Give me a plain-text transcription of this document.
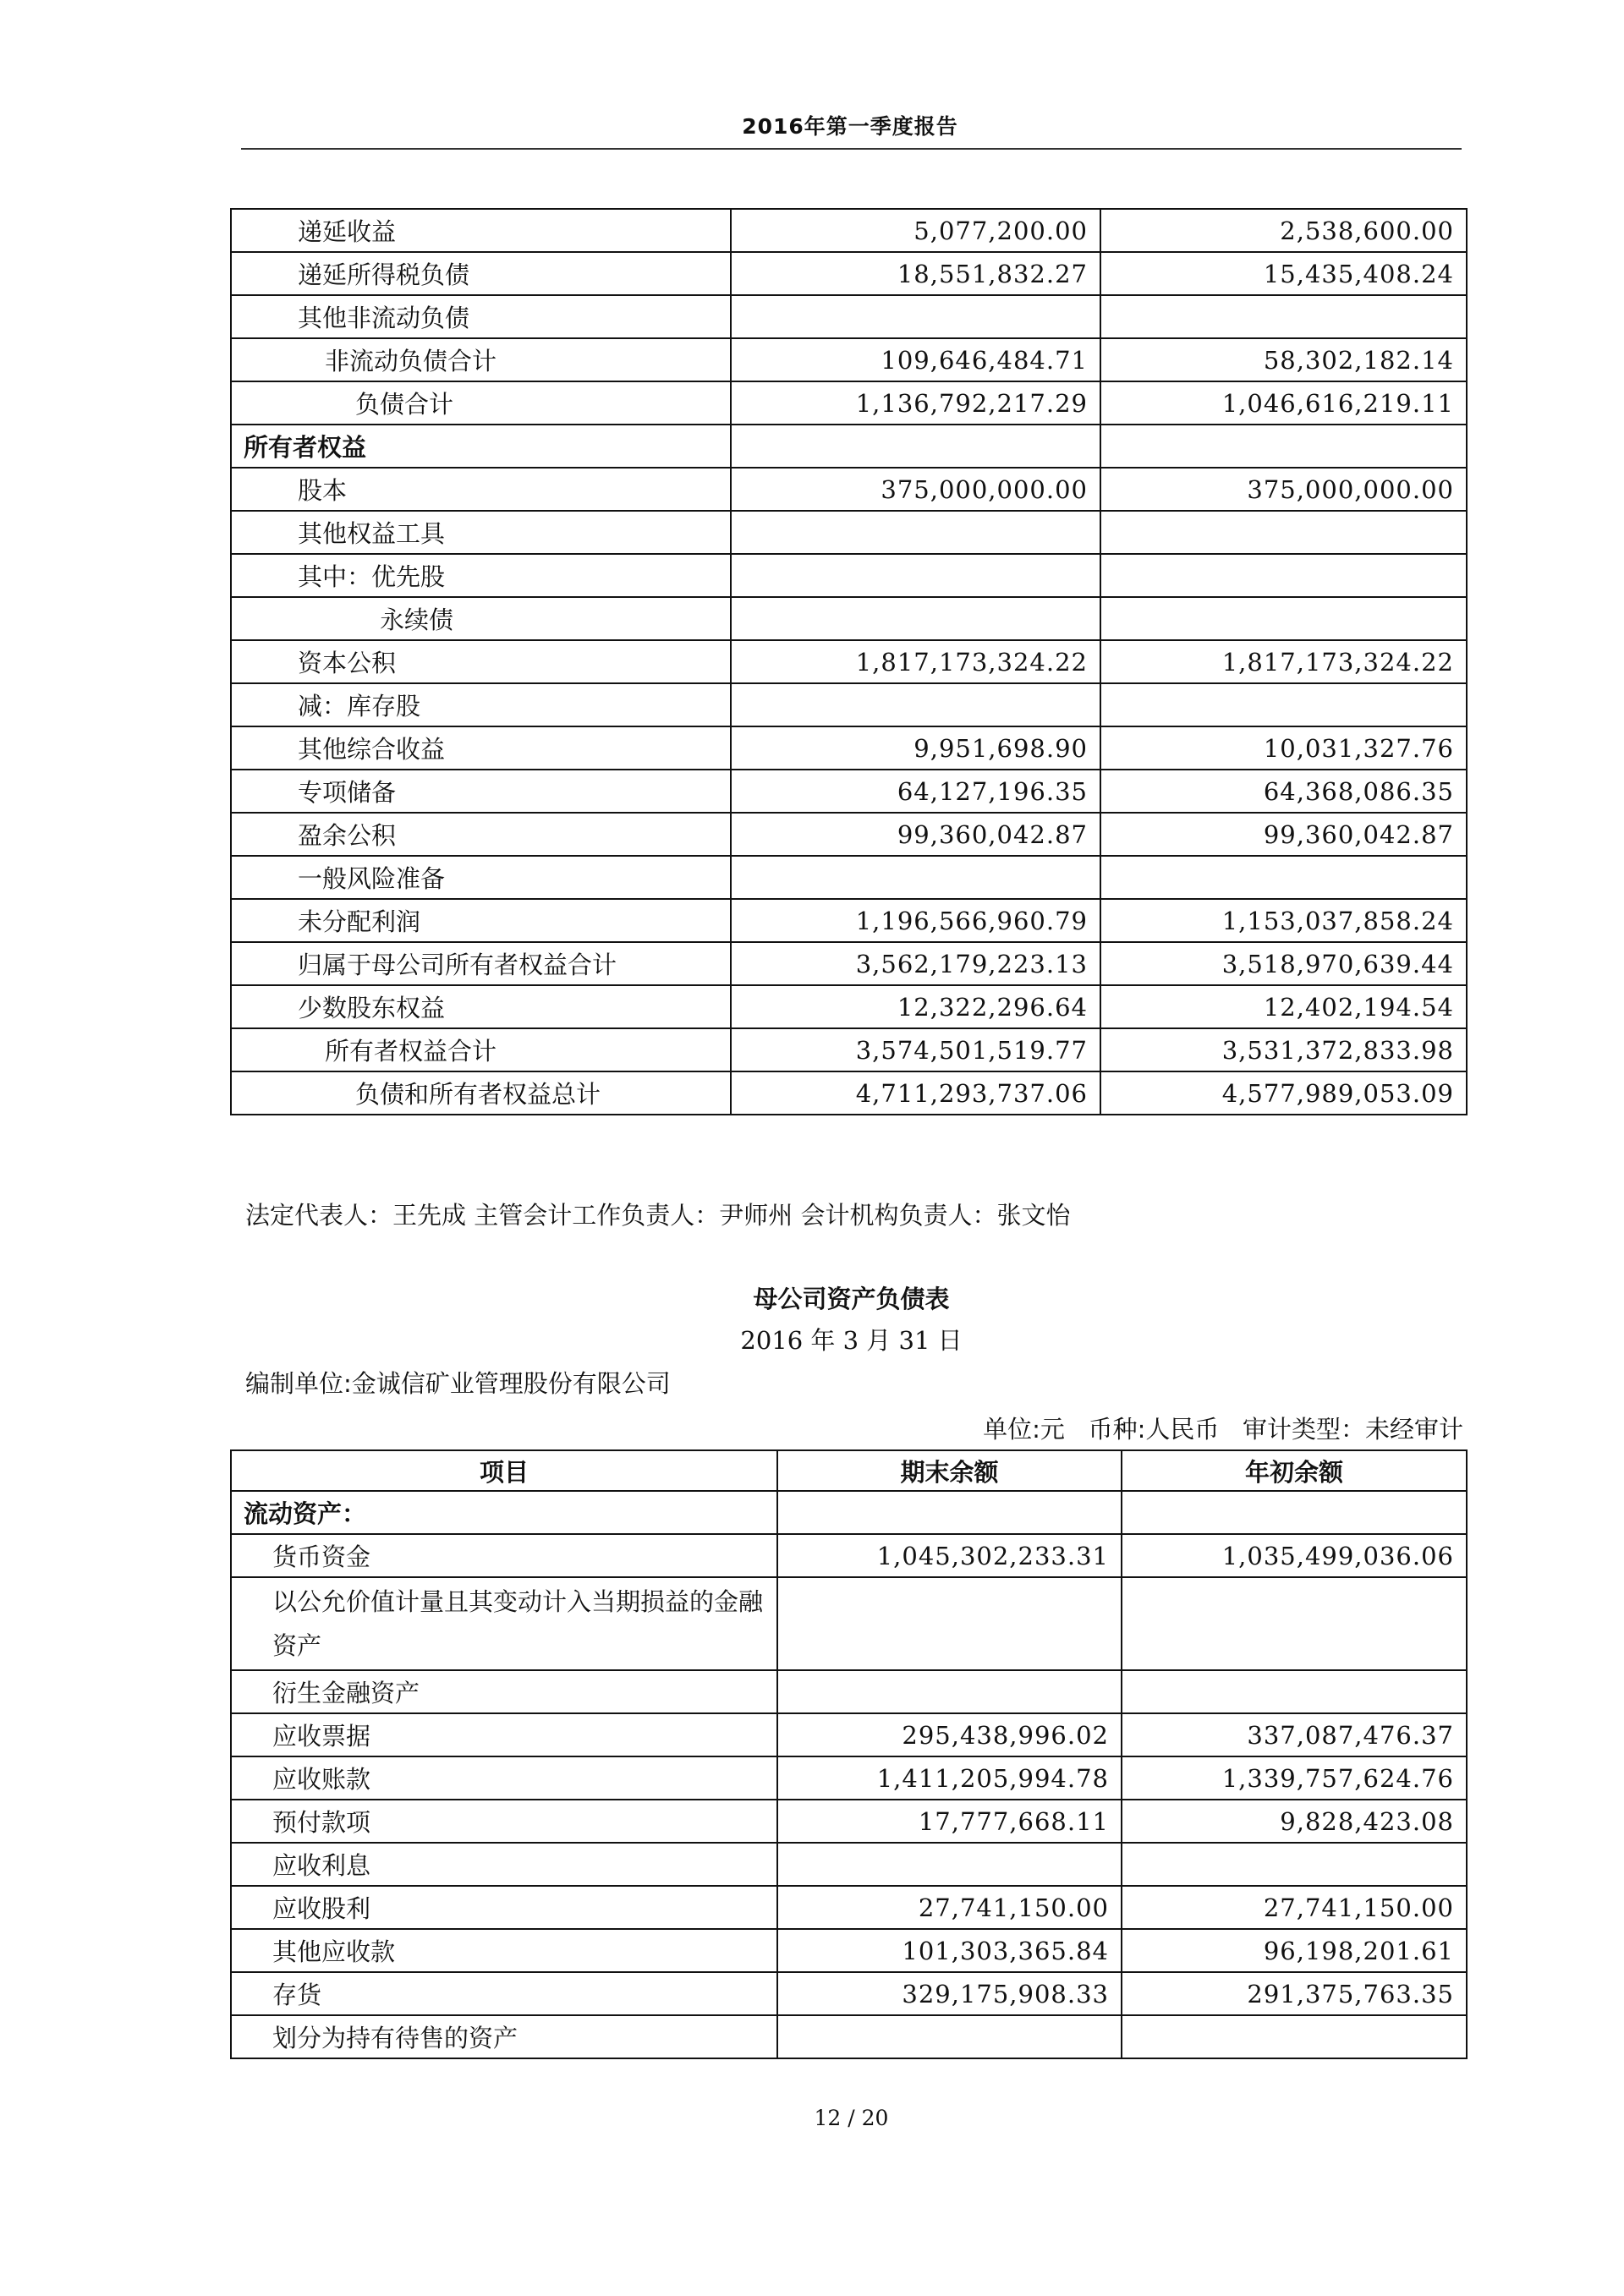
2016年第一季度报告
递延收益	5,077,200.00	2,538,600.00
递延所得税负债	18,551,832.27	15,435,408.24
其他非流动负债		
非流动负债合计	109,646,484.71	58,302,182.14
负债合计	1,136,792,217.29	1,046,616,219.11
所有者权益		
股本	375,000,000.00	375,000,000.00
其他权益工具		
其中：优先股		
永续债		
资本公积	1,817,173,324.22	1,817,173,324.22
减：库存股		
其他综合收益	9,951,698.90	10,031,327.76
专项储备	64,127,196.35	64,368,086.35
盈余公积	99,360,042.87	99,360,042.87
一般风险准备		
未分配利润	1,196,566,960.79	1,153,037,858.24
归属于母公司所有者权益合计	3,562,179,223.13	3,518,970,639.44
少数股东权益	12,322,296.64	12,402,194.54
所有者权益合计	3,574,501,519.77	3,531,372,833.98
负债和所有者权益总计	4,711,293,737.06	4,577,989,053.09
法定代表人：王先成 主管会计工作负责人：尹师州 会计机构负责人：张文怡
母公司资产负债表
2016 年 3 月 31 日
编制单位:金诚信矿业管理股份有限公司
单位:元   币种:人民币   审计类型：未经审计
项目	期末余额	年初余额
流动资产：		
货币资金	1,045,302,233.31	1,035,499,036.06
以公允价值计量且其变动计入当期损益的金融资产		
衍生金融资产		
应收票据	295,438,996.02	337,087,476.37
应收账款	1,411,205,994.78	1,339,757,624.76
预付款项	17,777,668.11	9,828,423.08
应收利息		
应收股利	27,741,150.00	27,741,150.00
其他应收款	101,303,365.84	96,198,201.61
存货	329,175,908.33	291,375,763.35
划分为持有待售的资产		
12 / 20
